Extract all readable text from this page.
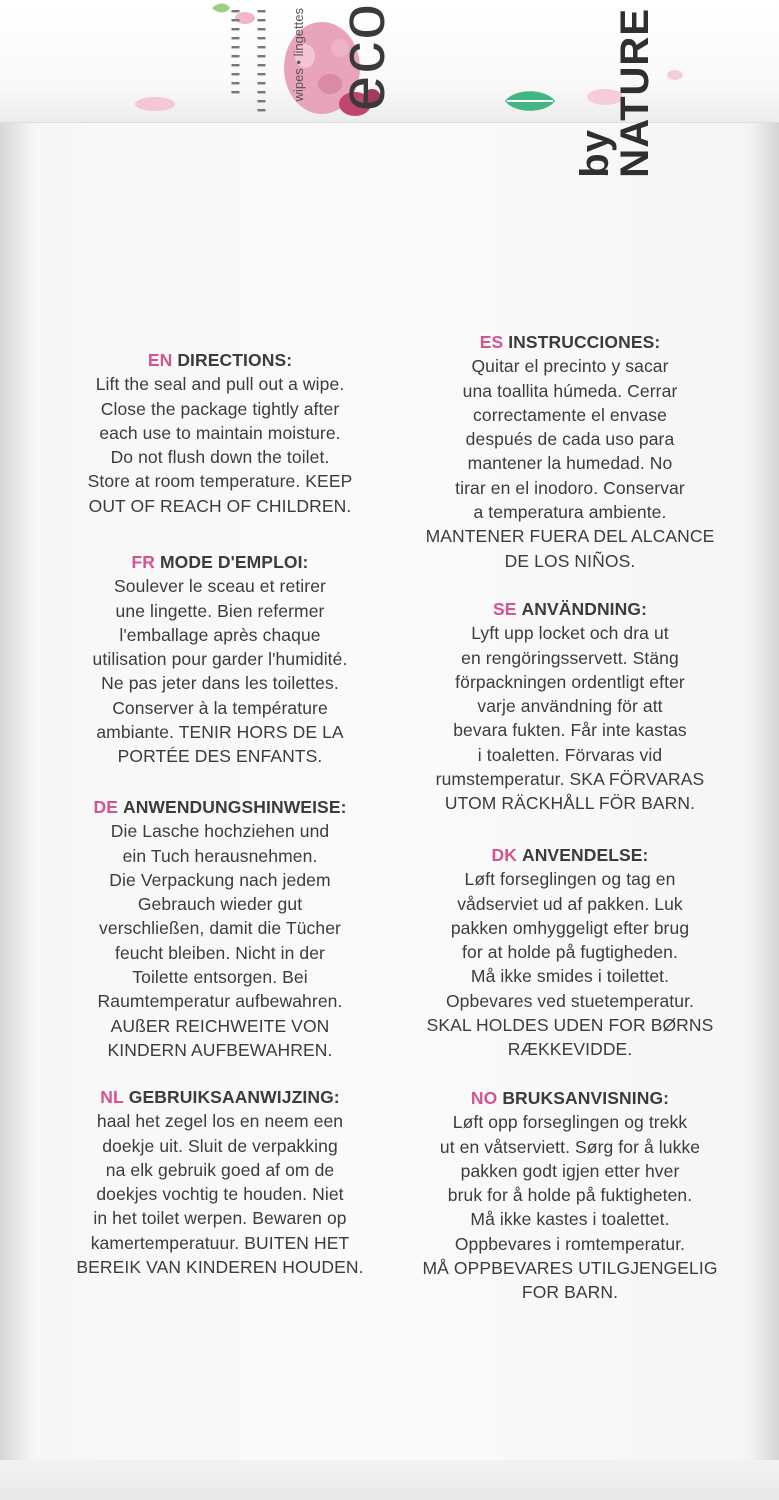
▬▬▬▬▬▬▬▬▬▬ ▬▬▬▬▬▬▬▬▬▬▬▬ wipes • lingettes eco
by NATURE
EN DIRECTIONS:
Lift the seal and pull out a wipe.
Close the package tightly after
each use to maintain moisture.
Do not flush down the toilet.
Store at room temperature. KEEP
OUT OF REACH OF CHILDREN.
FR MODE D'EMPLOI:
Soulever le sceau et retirer
une lingette. Bien refermer
l'emballage après chaque
utilisation pour garder l'humidité.
Ne pas jeter dans les toilettes.
Conserver à la température
ambiante. TENIR HORS DE LA
PORTÉE DES ENFANTS.
DE ANWENDUNGSHINWEISE:
Die Lasche hochziehen und
ein Tuch herausnehmen.
Die Verpackung nach jedem
Gebrauch wieder gut
verschließen, damit die Tücher
feucht bleiben. Nicht in der
Toilette entsorgen. Bei
Raumtemperatur aufbewahren.
AUßER REICHWEITE VON
KINDERN AUFBEWAHREN.
NL GEBRUIKSAANWIJZING:
haal het zegel los en neem een
doekje uit. Sluit de verpakking
na elk gebruik goed af om de
doekjes vochtig te houden. Niet
in het toilet werpen. Bewaren op
kamertemperatuur. BUITEN HET
BEREIK VAN KINDEREN HOUDEN.
ES INSTRUCCIONES:
Quitar el precinto y sacar
una toallita húmeda. Cerrar
correctamente el envase
después de cada uso para
mantener la humedad. No
tirar en el inodoro. Conservar
a temperatura ambiente.
MANTENER FUERA DEL ALCANCE
DE LOS NIÑOS.
SE ANVÄNDNING:
Lyft upp locket och dra ut
en rengöringsservett. Stäng
förpackningen ordentligt efter
varje användning för att
bevara fukten. Får inte kastas
i toaletten. Förvaras vid
rumstemperatur. SKA FÖRVARAS
UTOM RÄCKHÅLL FÖR BARN.
DK ANVENDELSE:
Løft forseglingen og tag en
vådserviet ud af pakken. Luk
pakken omhyggeligt efter brug
for at holde på fugtigheden.
Må ikke smides i toilettet.
Opbevares ved stuetemperatur.
SKAL HOLDES UDEN FOR BØRNS
RÆKKEVIDDE.
NO BRUKSANVISNING:
Løft opp forseglingen og trekk
ut en våtserviett. Sørg for å lukke
pakken godt igjen etter hver
bruk for å holde på fuktigheten.
Må ikke kastes i toalettet.
Oppbevares i romtemperatur.
MÅ OPPBEVARES UTILGJENGELIG
FOR BARN.
